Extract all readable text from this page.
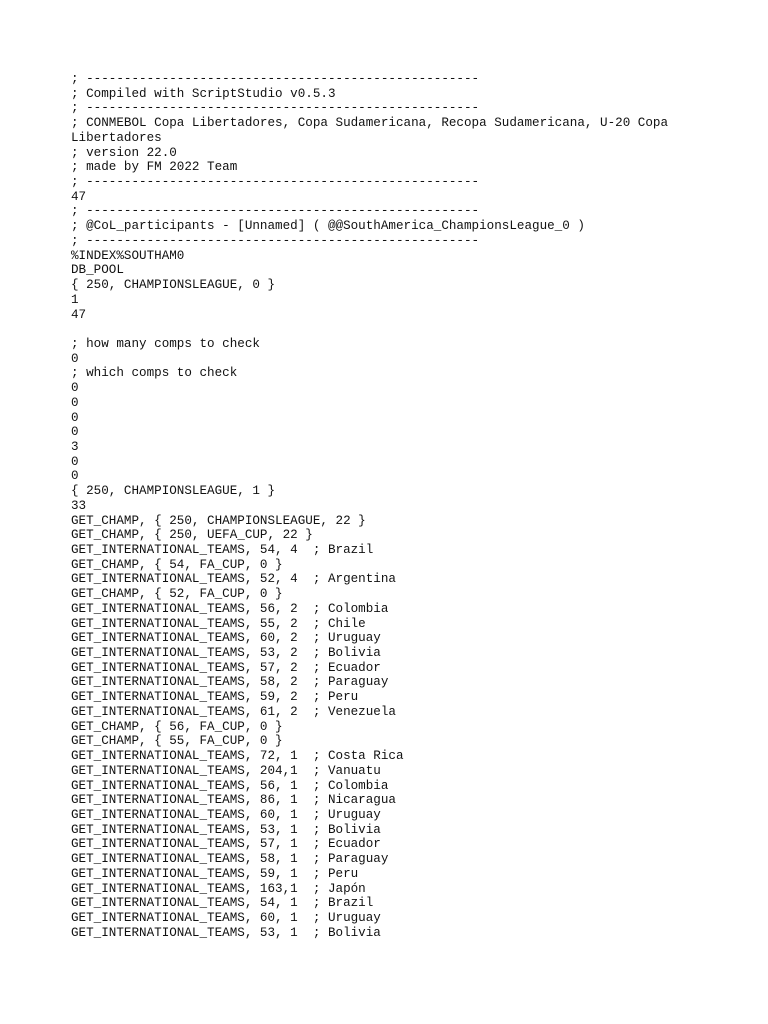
; ----------------------------------------------------
; Compiled with ScriptStudio v0.5.3
; ----------------------------------------------------
; CONMEBOL Copa Libertadores, Copa Sudamericana, Recopa Sudamericana, U-20 Copa Libertadores
; version 22.0
; made by FM 2022 Team
; ----------------------------------------------------
47
; ----------------------------------------------------
; @CoL_participants - [Unnamed] ( @@SouthAmerica_ChampionsLeague_0 )
; ----------------------------------------------------
%INDEX%SOUTHAM0
DB_POOL
{ 250, CHAMPIONSLEAGUE, 0 }
1
47
; how many comps to check
0
; which comps to check
0
0
0
0
3
0
0
{ 250, CHAMPIONSLEAGUE, 1 }
33
GET_CHAMP, { 250, CHAMPIONSLEAGUE, 22 }
GET_CHAMP, { 250, UEFA_CUP, 22 }
GET_INTERNATIONAL_TEAMS, 54, 4  ; Brazil
GET_CHAMP, { 54, FA_CUP, 0 }
GET_INTERNATIONAL_TEAMS, 52, 4  ; Argentina
GET_CHAMP, { 52, FA_CUP, 0 }
GET_INTERNATIONAL_TEAMS, 56, 2  ; Colombia
GET_INTERNATIONAL_TEAMS, 55, 2  ; Chile
GET_INTERNATIONAL_TEAMS, 60, 2  ; Uruguay
GET_INTERNATIONAL_TEAMS, 53, 2  ; Bolivia
GET_INTERNATIONAL_TEAMS, 57, 2  ; Ecuador
GET_INTERNATIONAL_TEAMS, 58, 2  ; Paraguay
GET_INTERNATIONAL_TEAMS, 59, 2  ; Peru
GET_INTERNATIONAL_TEAMS, 61, 2  ; Venezuela
GET_CHAMP, { 56, FA_CUP, 0 }
GET_CHAMP, { 55, FA_CUP, 0 }
GET_INTERNATIONAL_TEAMS, 72, 1  ; Costa Rica
GET_INTERNATIONAL_TEAMS, 204,1  ; Vanuatu
GET_INTERNATIONAL_TEAMS, 56, 1  ; Colombia
GET_INTERNATIONAL_TEAMS, 86, 1  ; Nicaragua
GET_INTERNATIONAL_TEAMS, 60, 1  ; Uruguay
GET_INTERNATIONAL_TEAMS, 53, 1  ; Bolivia
GET_INTERNATIONAL_TEAMS, 57, 1  ; Ecuador
GET_INTERNATIONAL_TEAMS, 58, 1  ; Paraguay
GET_INTERNATIONAL_TEAMS, 59, 1  ; Peru
GET_INTERNATIONAL_TEAMS, 163,1  ; Japón
GET_INTERNATIONAL_TEAMS, 54, 1  ; Brazil
GET_INTERNATIONAL_TEAMS, 60, 1  ; Uruguay
GET_INTERNATIONAL_TEAMS, 53, 1  ; Bolivia
